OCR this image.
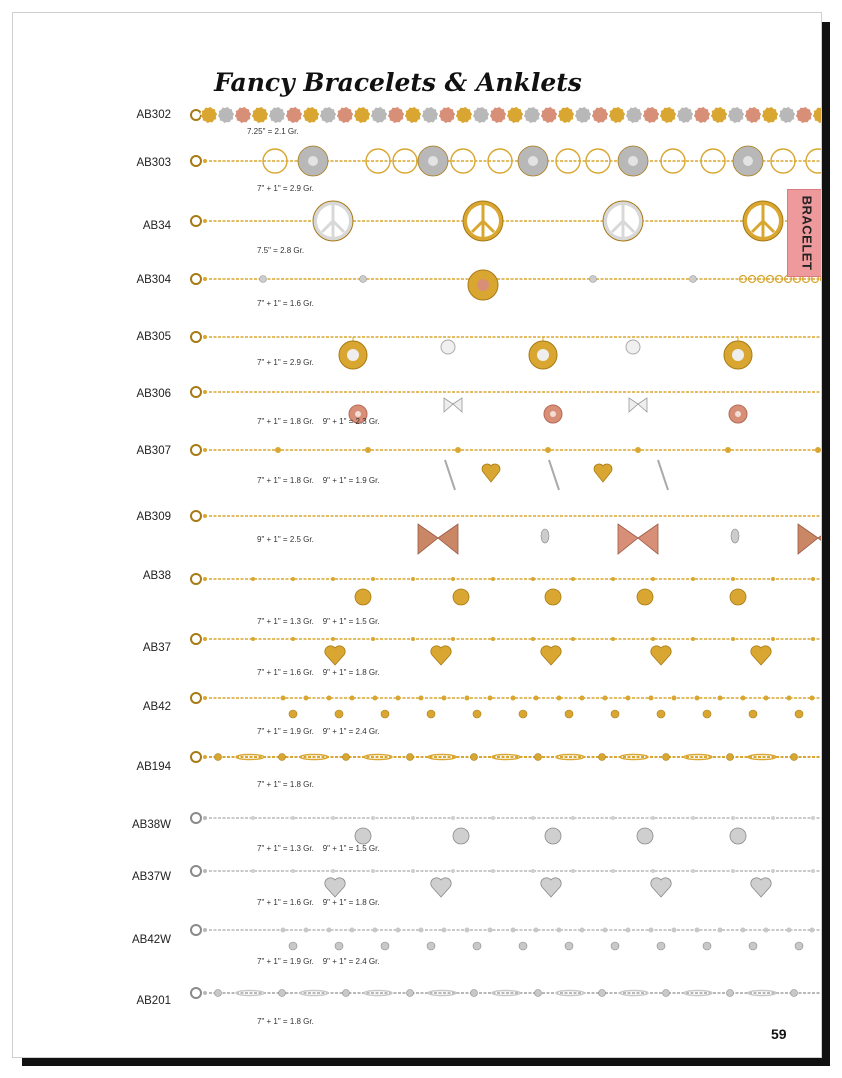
Fancy Bracelets & Anklets
AB302
7.25" = 2.1 Gr.
AB303
7" + 1" = 2.9 Gr.
AB34
7.5" = 2.8 Gr.
AB304
7" + 1" = 1.6 Gr.
AB305
7" + 1" = 2.9 Gr.
AB306
7" + 1" = 1.8 Gr.    9" + 1" = 2.3 Gr.
AB307
7" + 1" = 1.8 Gr.    9" + 1" = 1.9 Gr.
AB309
9" + 1" = 2.5 Gr.
AB38
7" + 1" = 1.3 Gr.    9" + 1" = 1.5 Gr.
AB37
7" + 1" = 1.6 Gr.    9" + 1" = 1.8 Gr.
AB42
7" + 1" = 1.9 Gr.    9" + 1" = 2.4 Gr.
AB194
7" + 1" = 1.8 Gr.
AB38W
7" + 1" = 1.3 Gr.    9" + 1" = 1.5 Gr.
AB37W
7" + 1" = 1.6 Gr.    9" + 1" = 1.8 Gr.
AB42W
7" + 1" = 1.9 Gr.    9" + 1" = 2.4 Gr.
AB201
7" + 1" = 1.8 Gr.
BRACELET
59
